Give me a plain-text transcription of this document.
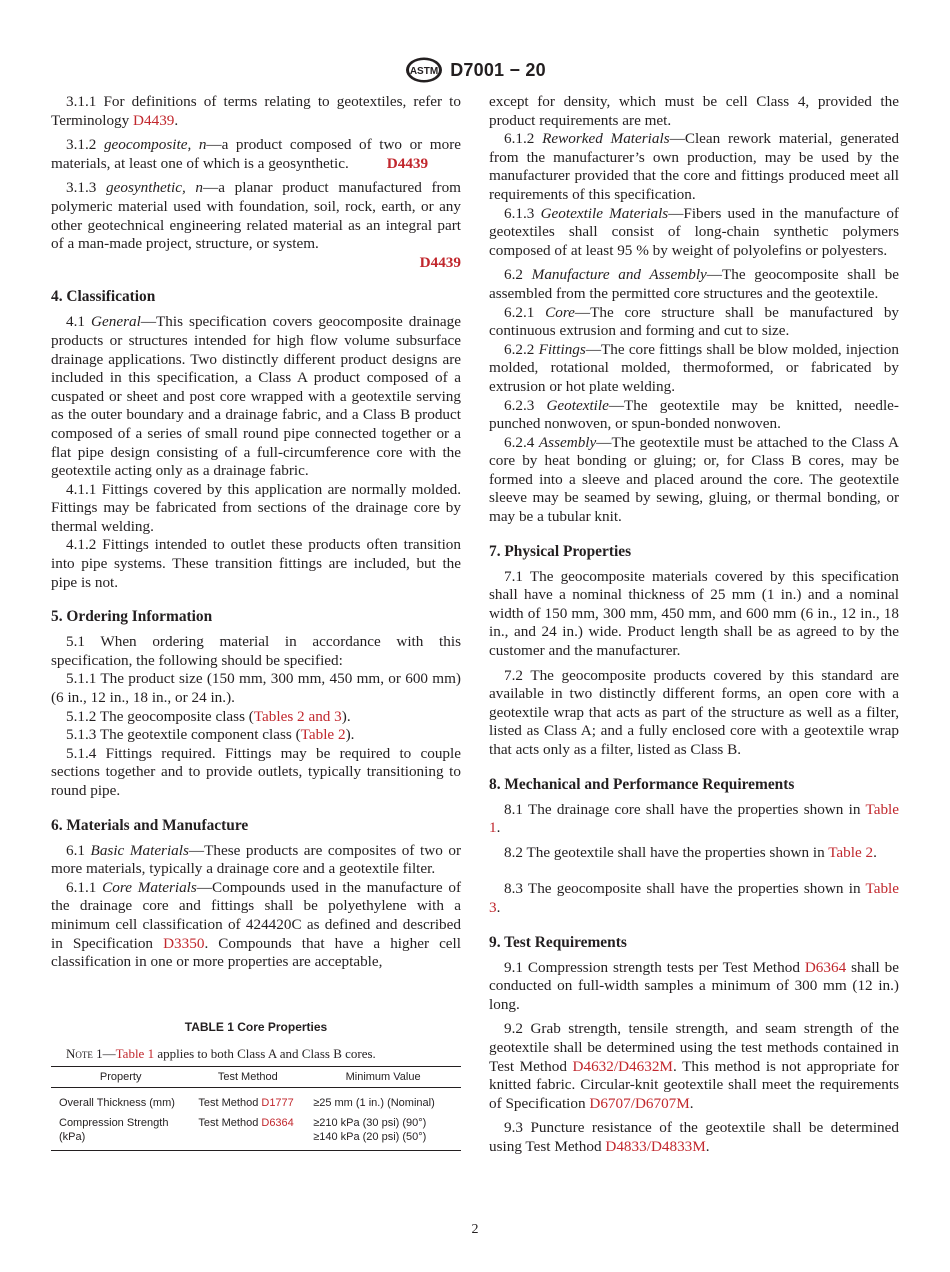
ASTM D7001 − 20

3.1.1 For definitions of terms relating to geotextiles, refer to Terminology D4439.

3.1.2 geocomposite, n—a product composed of two or more materials, at least one of which is a geosynthetic.	D4439

3.1.3 geosynthetic, n—a planar product manufactured from polymeric material used with foundation, soil, rock, earth, or any other geotechnical engineering related material as an integral part of a man-made project, structure, or system.
D4439

4. Classification

4.1 General—This specification covers geocomposite drainage products or structures intended for high flow volume subsurface drainage applications. Two distinctly different product designs are included in this specification, a Class A product composed of a cuspated or sheet and post core wrapped with a geotextile serving as the outer boundary and a drainage fabric, and a Class B product composed of a series of small round pipe connected together or a flat pipe design consisting of a full-circumference core with the geotextile acting only as a drainage fabric.

4.1.1 Fittings covered by this application are normally molded. Fittings may be fabricated from sections of the drainage core by thermal welding.

4.1.2 Fittings intended to outlet these products often transition into pipe systems. These transition fittings are included, but the pipe is not.

5. Ordering Information

5.1 When ordering material in accordance with this specification, the following should be specified:

5.1.1 The product size (150 mm, 300 mm, 450 mm, or 600 mm) (6 in., 12 in., 18 in., or 24 in.).

5.1.2 The geocomposite class (Tables 2 and 3).

5.1.3 The geotextile component class (Table 2).

5.1.4 Fittings required. Fittings may be required to couple sections together and to provide outlets, typically transitioning to round pipe.

6. Materials and Manufacture

6.1 Basic Materials—These products are composites of two or more materials, typically a drainage core and a geotextile filter.

6.1.1 Core Materials—Compounds used in the manufacture of the drainage core and fittings shall be polyethylene with a minimum cell classification of 424420C as defined and described in Specification D3350. Compounds that have a higher cell classification in one or more properties are acceptable,

TABLE 1 Core Properties

Note 1—Table 1 applies to both Class A and Class B cores.

Property	Test Method	Minimum Value
Overall Thickness (mm)	Test Method D1777	≥25 mm (1 in.) (Nominal)

Compression Strength (kPa)	Test Method D6364	≥210 kPa (30 psi) (90°)
≥140 kPa (20 psi) (50°)

except for density, which must be cell Class 4, provided the product requirements are met.

6.1.2 Reworked Materials—Clean rework material, generated from the manufacturer’s own production, may be used by the manufacturer provided that the core and fittings produced meet all requirements of this specification.

6.1.3 Geotextile Materials—Fibers used in the manufacture of geotextiles shall consist of long-chain synthetic polymers composed of at least 95 % by weight of polyolefins or polyesters.

6.2 Manufacture and Assembly—The geocomposite shall be assembled from the permitted core structures and the geotextile.

6.2.1 Core—The core structure shall be manufactured by continuous extrusion and forming and cut to size.

6.2.2 Fittings—The core fittings shall be blow molded, injection molded, rotational molded, thermoformed, or fabricated by extrusion or hot plate welding.

6.2.3 Geotextile—The geotextile may be knitted, needle-punched nonwoven, or spun-bonded nonwoven.

6.2.4 Assembly—The geotextile must be attached to the Class A core by heat bonding or gluing; or, for Class B cores, may be formed into a sleeve and placed around the core. The geotextile sleeve may be seamed by sewing, gluing, or thermal bonding, or may be a tubular knit.

7. Physical Properties

7.1 The geocomposite materials covered by this specification shall have a nominal thickness of 25 mm (1 in.) and a nominal width of 150 mm, 300 mm, 450 mm, and 600 mm (6 in., 12 in., 18 in., and 24 in.) wide. Product length shall be as agreed to by the customer and the manufacturer.

7.2 The geocomposite products covered by this standard are available in two distinctly different forms, an open core with a geotextile wrap that acts as part of the structure as well as a filter, listed as Class A; and a fully enclosed core with a geotextile wrap that acts only as a filter, listed as Class B.

8. Mechanical and Performance Requirements

8.1 The drainage core shall have the properties shown in Table 1.

8.2 The geotextile shall have the properties shown in Table 2.

8.3 The geocomposite shall have the properties shown in Table 3.

9. Test Requirements

9.1 Compression strength tests per Test Method D6364 shall be conducted on full-width samples a minimum of 300 mm (12 in.) long.

9.2 Grab strength, tensile strength, and seam strength of the geotextile shall be determined using the test methods contained in Test Method D4632/D4632M. This method is not appropriate for knitted fabric. Circular-knit geotextile shall meet the requirements of Specification D6707/D6707M.

9.3 Puncture resistance of the geotextile shall be determined using Test Method D4833/D4833M.

2
